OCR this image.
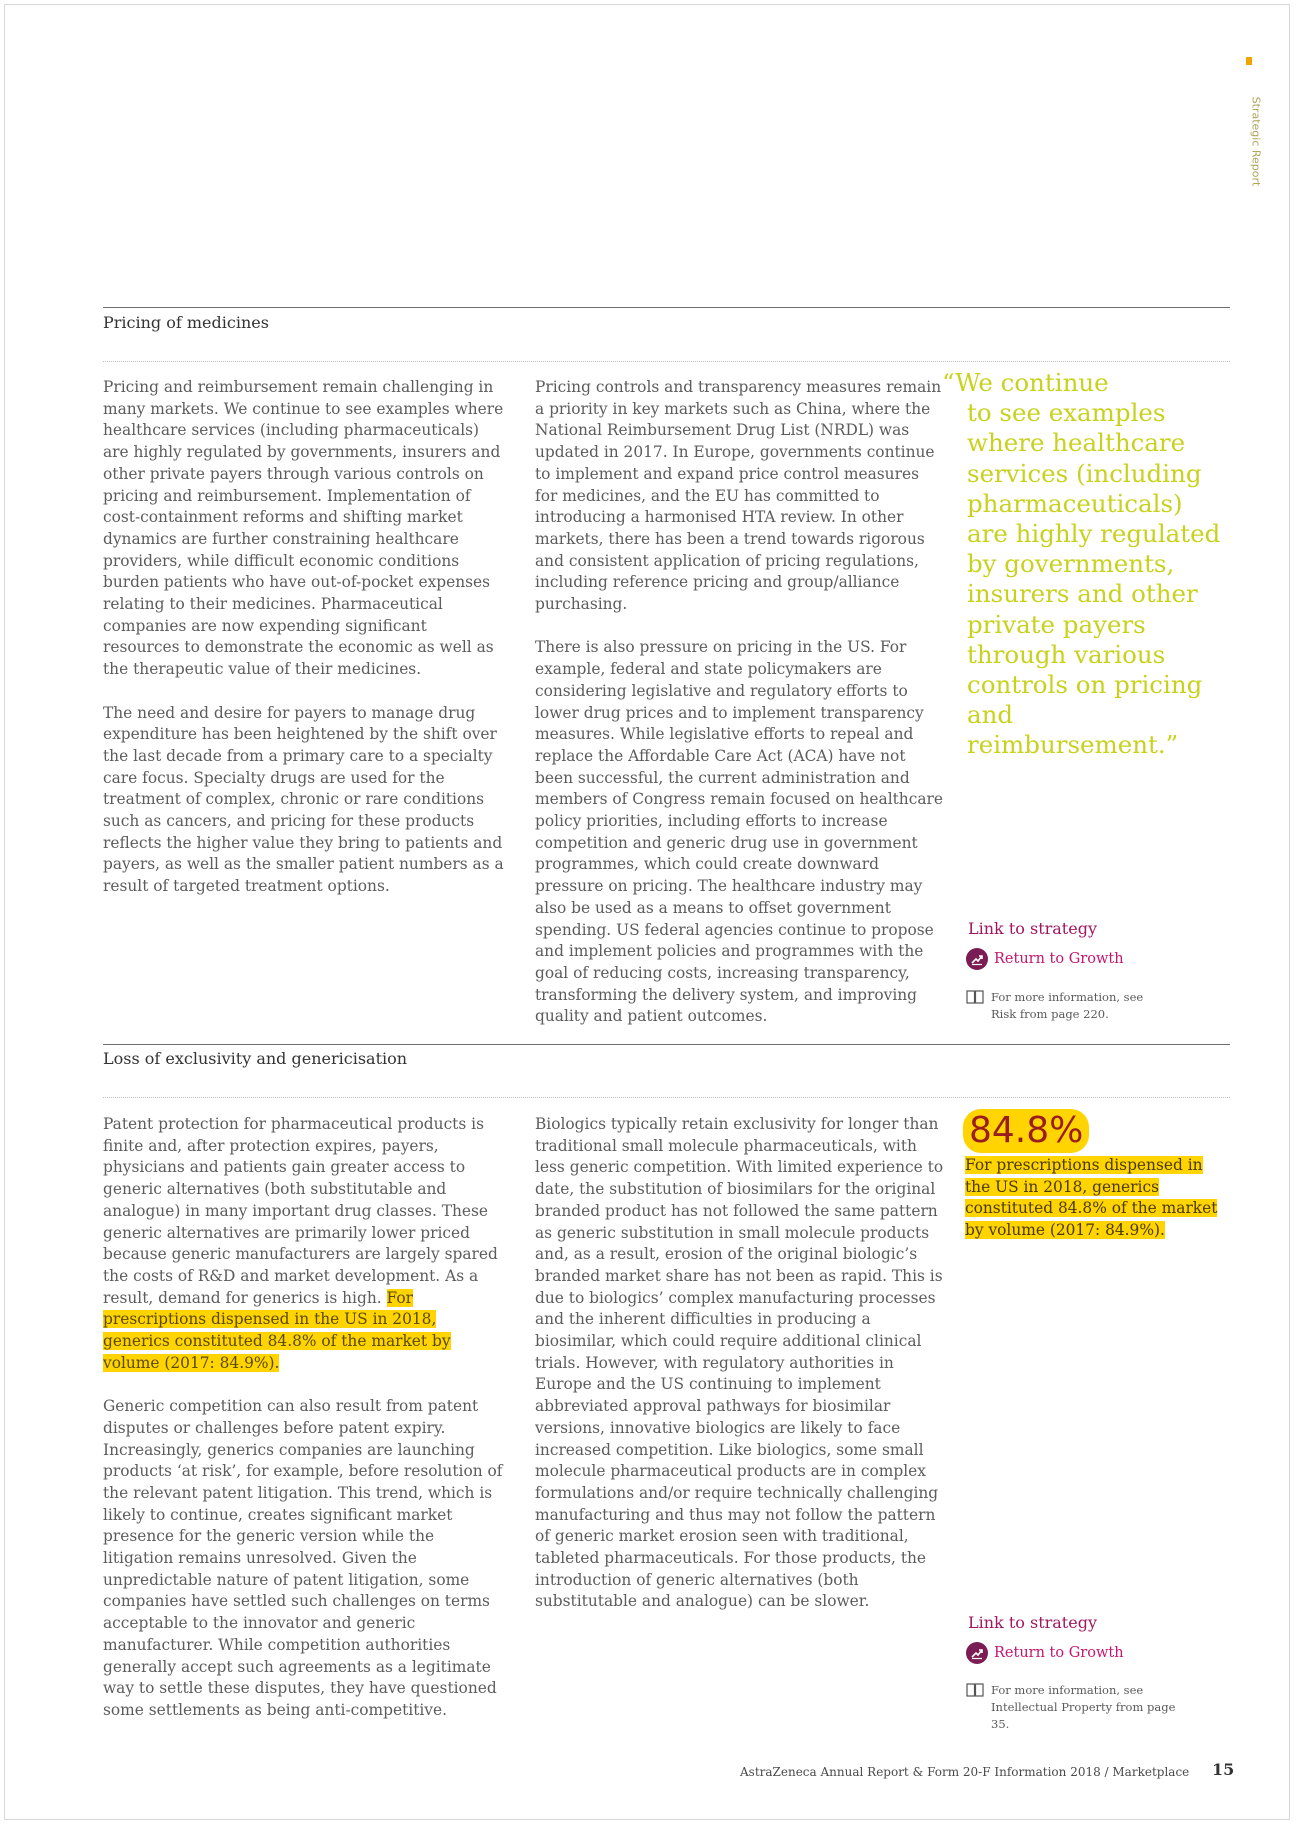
Strategic Report
Pricing of medicines

Pricing and reimbursement remain challenging in many markets. We continue to see examples where healthcare services (including pharmaceuticals) are highly regulated by governments, insurers and other private payers through various controls on pricing and reimbursement. Implementation of cost-containment reforms and shifting market dynamics are further constraining healthcare providers, while difficult economic conditions burden patients who have out-of-pocket expenses relating to their medicines. Pharmaceutical companies are now expending significant resources to demonstrate the economic as well as the therapeutic value of their medicines.

The need and desire for payers to manage drug expenditure has been heightened by the shift over the last decade from a primary care to a specialty care focus. Specialty drugs are used for the treatment of complex, chronic or rare conditions such as cancers, and pricing for these products reflects the higher value they bring to patients and payers, as well as the smaller patient numbers as a result of targeted treatment options.

Pricing controls and transparency measures remain a priority in key markets such as China, where the National Reimbursement Drug List (NRDL) was updated in 2017. In Europe, governments continue to implement and expand price control measures for medicines, and the EU has committed to introducing a harmonised HTA review. In other markets, there has been a trend towards rigorous and consistent application of pricing regulations, including reference pricing and group/alliance purchasing.

There is also pressure on pricing in the US. For example, federal and state policymakers are considering legislative and regulatory efforts to lower drug prices and to implement transparency measures. While legislative efforts to repeal and replace the Affordable Care Act (ACA) have not been successful, the current administration and members of Congress remain focused on healthcare policy priorities, including efforts to increase competition and generic drug use in government programmes, which could create downward pressure on pricing. The healthcare industry may also be used as a means to offset government spending. US federal agencies continue to propose and implement policies and programmes with the goal of reducing costs, increasing transparency, transforming the delivery system, and improving quality and patient outcomes.

“We continue
to see examples where healthcare services (including pharmaceuticals) are highly regulated by governments, insurers and other private payers through various controls on pricing and reimbursement.”
Link to strategy
Return to Growth
For more information, see Risk from page 220.
Loss of exclusivity and genericisation

Patent protection for pharmaceutical products is finite and, after protection expires, payers, physicians and patients gain greater access to generic alternatives (both substitutable and analogue) in many important drug classes. These generic alternatives are primarily lower priced because generic manufacturers are largely spared the costs of R&D and market development. As a result, demand for generics is high. For prescriptions dispensed in the US in 2018, generics constituted 84.8% of the market by volume (2017: 84.9%).

Generic competition can also result from patent disputes or challenges before patent expiry. Increasingly, generics companies are launching products ‘at risk’, for example, before resolution of the relevant patent litigation. This trend, which is likely to continue, creates significant market presence for the generic version while the litigation remains unresolved. Given the unpredictable nature of patent litigation, some companies have settled such challenges on terms acceptable to the innovator and generic manufacturer. While competition authorities generally accept such agreements as a legitimate way to settle these disputes, they have questioned some settlements as being anti-competitive.

Biologics typically retain exclusivity for longer than traditional small molecule pharmaceuticals, with less generic competition. With limited experience to date, the substitution of biosimilars for the original branded product has not followed the same pattern as generic substitution in small molecule products and, as a result, erosion of the original biologic’s branded market share has not been as rapid. This is due to biologics’ complex manufacturing processes and the inherent difficulties in producing a biosimilar, which could require additional clinical trials. However, with regulatory authorities in Europe and the US continuing to implement abbreviated approval pathways for biosimilar versions, innovative biologics are likely to face increased competition. Like biologics, some small molecule pharmaceutical products are in complex formulations and/or require technically challenging manufacturing and thus may not follow the pattern of generic market erosion seen with traditional, tableted pharmaceuticals. For those products, the introduction of generic alternatives (both substitutable and analogue) can be slower.

84.8%
For prescriptions dispensed in the US in 2018, generics constituted 84.8% of the market by volume (2017: 84.9%).
Link to strategy
Return to Growth
For more information, see Intellectual Property from page 35.
AstraZeneca Annual Report & Form 20-F Information 2018 / Marketplace 15
